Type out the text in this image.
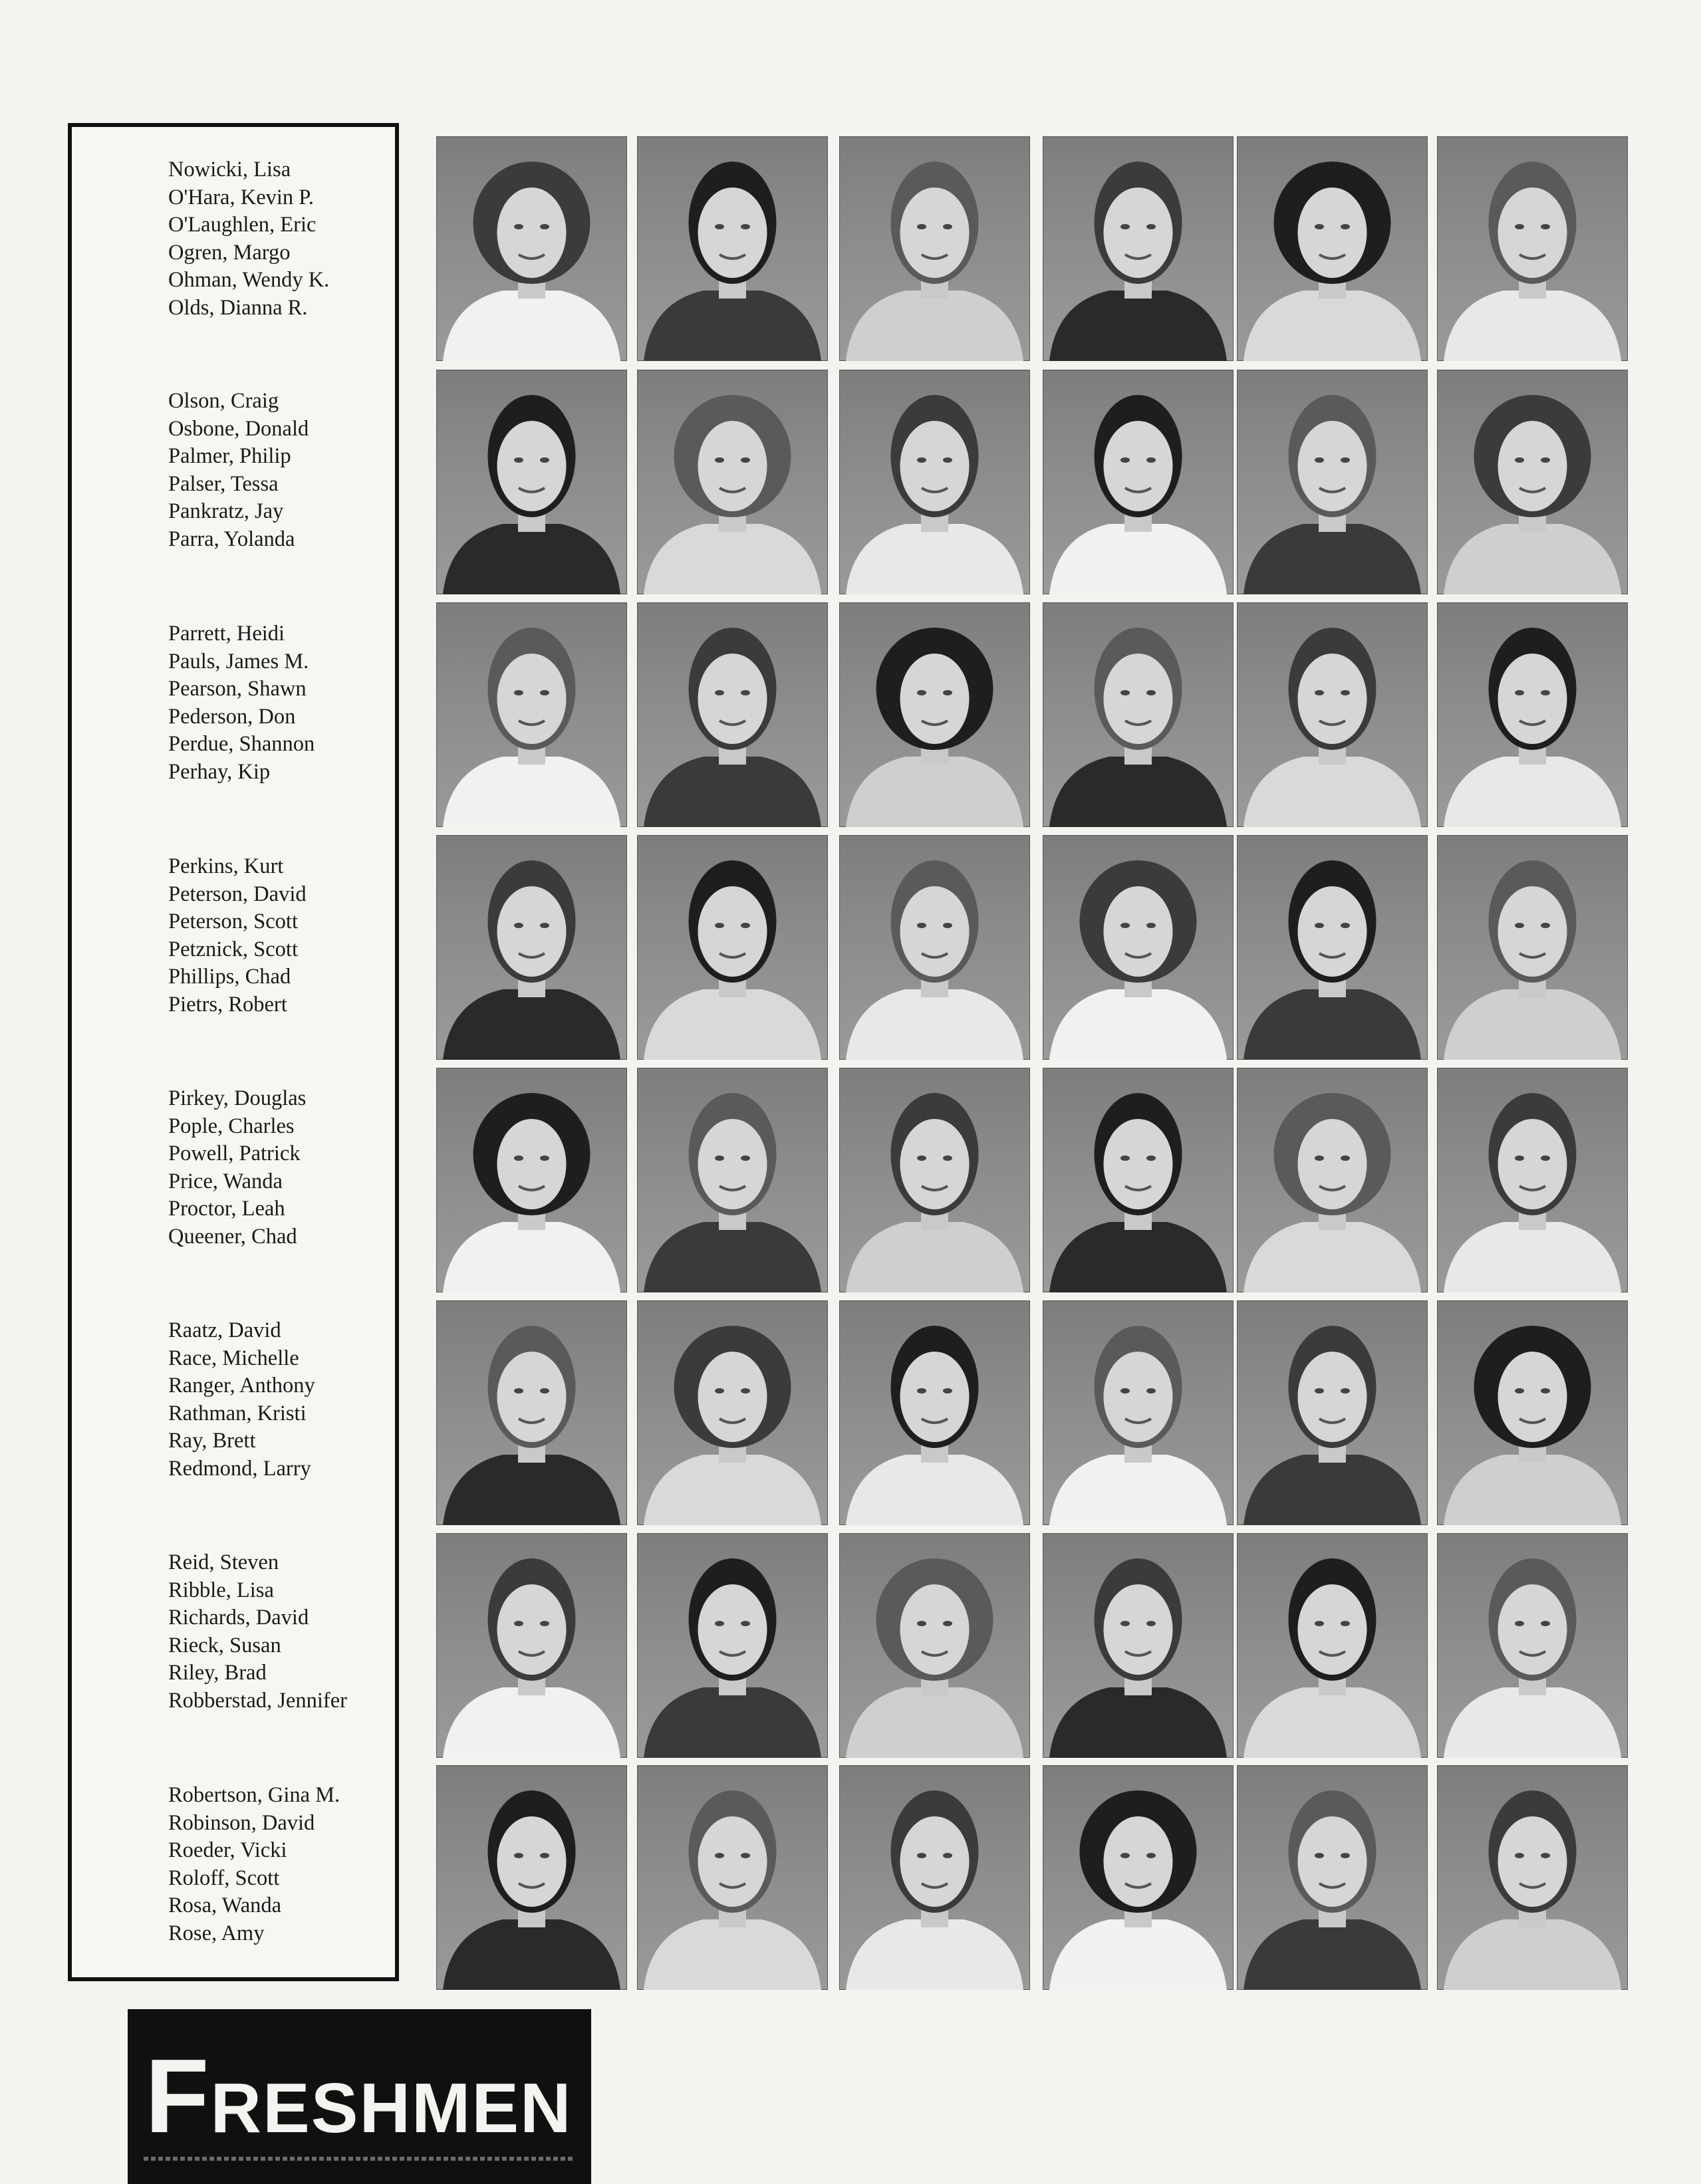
Nowicki, Lisa
O'Hara, Kevin P.
O'Laughlen, Eric
Ogren, Margo
Ohman, Wendy K.
Olds, Dianna R.
Olson, Craig
Osbone, Donald
Palmer, Philip
Palser, Tessa
Pankratz, Jay
Parra, Yolanda
Parrett, Heidi
Pauls, James M.
Pearson, Shawn
Pederson, Don
Perdue, Shannon
Perhay, Kip
Perkins, Kurt
Peterson, David
Peterson, Scott
Petznick, Scott
Phillips, Chad
Pietrs, Robert
Pirkey, Douglas
Pople, Charles
Powell, Patrick
Price, Wanda
Proctor, Leah
Queener, Chad
Raatz, David
Race, Michelle
Ranger, Anthony
Rathman, Kristi
Ray, Brett
Redmond, Larry
Reid, Steven
Ribble, Lisa
Richards, David
Rieck, Susan
Riley, Brad
Robberstad, Jennifer
Robertson, Gina M.
Robinson, David
Roeder, Vicki
Roloff, Scott
Rosa, Wanda
Rose, Amy
FRESHMEN
